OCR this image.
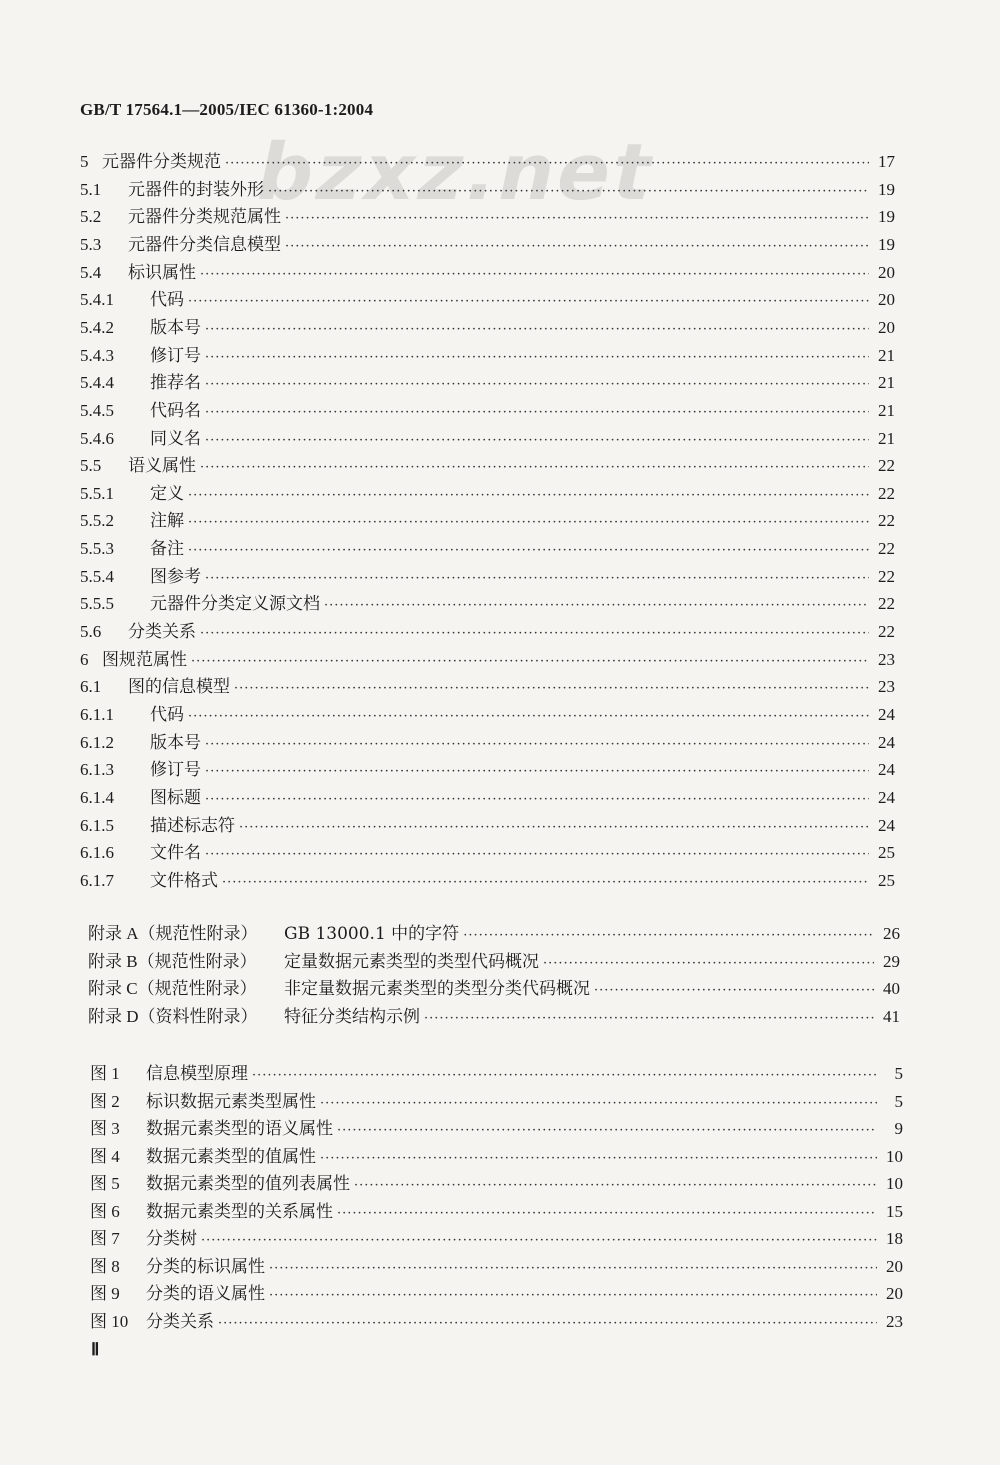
GB/T 17564.1—2005/IEC 61360-1:2004
bzxz.net
5 元器件分类规范 ·····	17
5.1	元器件的封装外形 ·····	19
5.2	元器件分类规范属性 ·····	19
5.3	元器件分类信息模型 ·····	19
5.4	标识属性 ·····	20
5.4.1	代码 ·····	20
5.4.2	版本号 ·····	20
5.4.3	修订号 ·····	21
5.4.4	推荐名 ·····	21
5.4.5	代码名 ·····	21
5.4.6	同义名 ·····	21
5.5	语义属性 ·····	22
5.5.1	定义 ·····	22
5.5.2	注解 ·····	22
5.5.3	备注 ·····	22
5.5.4	图参考 ·····	22
5.5.5	元器件分类定义源文档 ·····	22
5.6	分类关系 ·····	22
6 图规范属性 ·····	23
6.1	图的信息模型 ·····	23
6.1.1	代码 ·····	24
6.1.2	版本号 ·····	24
6.1.3	修订号 ·····	24
6.1.4	图标题 ·····	24
6.1.5	描述标志符 ·····	24
6.1.6	文件名 ·····	25
6.1.7	文件格式 ·····	25
附录 A（规范性附录）	GB 13000.1 中的字符 ·····	26
附录 B（规范性附录）	定量数据元素类型的类型代码概况 ·····	29
附录 C（规范性附录）	非定量数据元素类型的类型分类代码概况 ·····	40
附录 D（资料性附录）	特征分类结构示例 ·····	41
图 1	信息模型原理 ·····	5
图 2	标识数据元素类型属性 ·····	5
图 3	数据元素类型的语义属性 ·····	9
图 4	数据元素类型的值属性 ·····	10
图 5	数据元素类型的值列表属性 ·····	10
图 6	数据元素类型的关系属性 ·····	15
图 7	分类树 ·····	18
图 8	分类的标识属性 ·····	20
图 9	分类的语义属性 ·····	20
图 10	分类关系 ·····	23
Ⅱ
